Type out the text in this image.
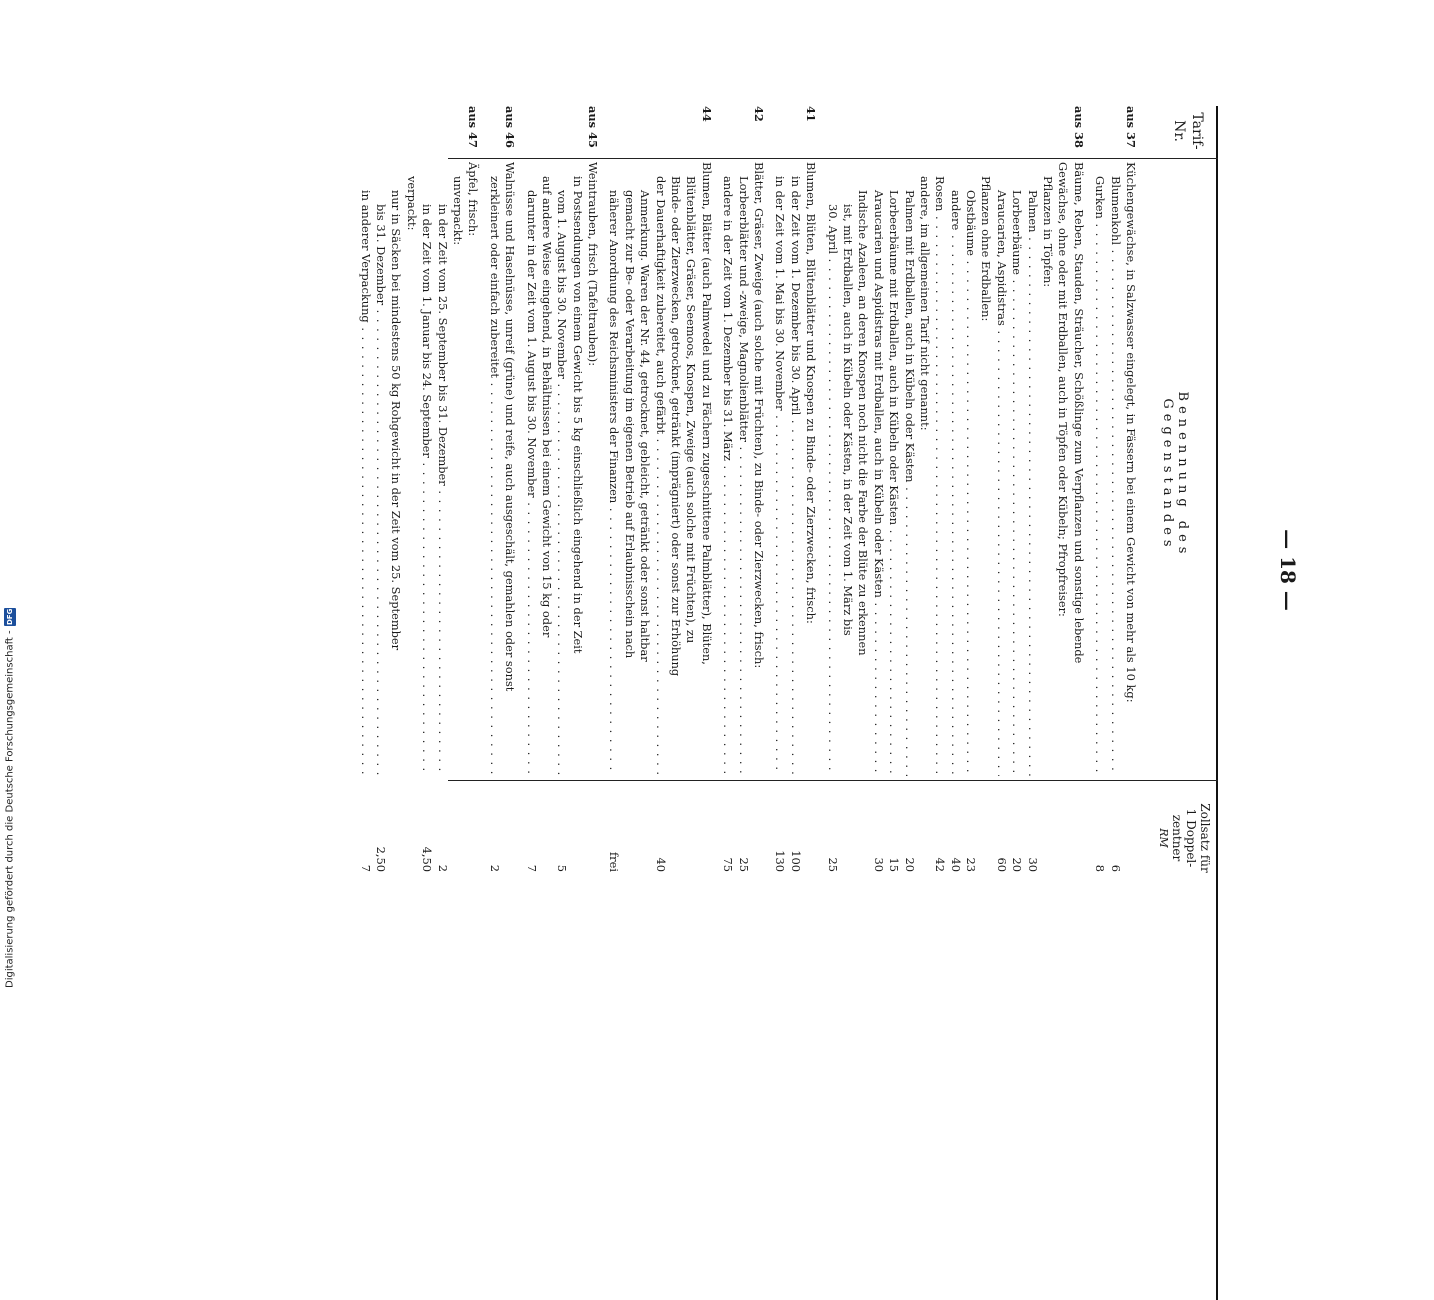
Digitalisierung gefördert durch die Deutsche Forschungsgemeinschaft -
DFG
— 18 —
Tarif-
Nr.
Benennung des Gegenstandes
Zollsatz für
1 Doppel-
zentner
RM
aus 37
Küchengewächse, in Salzwasser eingelegt, in Fässern bei einem Gewicht von mehr als 10 kg:
Blumenkohl . . .
6
Gurken . . .
8
aus 38
Bäume, Reben, Stauden, Sträucher, Schößlinge zum Verpflanzen und sonstige lebende
Gewächse, ohne oder mit Erdballen, auch in Töpfen oder Kübeln; Pfropfreiser:
Pflanzen in Töpfen:
Palmen . . .
30
Lorbeerbäume . . .
20
Araucarien, Aspidistras . . .
60
Pflanzen ohne Erdballen:
Obstbäume . . .
23
andere . . .
40
Rosen . . .
42
andere, im allgemeinen Tarif nicht genannt:
Palmen mit Erdballen, auch in Kübeln oder Kästen . . .
20
Lorbeerbäume mit Erdballen, auch in Kübeln oder Kästen . . .
15
Araucarien und Aspidistras mit Erdballen, auch in Kübeln oder Kästen . . .
30
Indische Azaleen, an deren Knospen noch nicht die Farbe der Blüte zu erkennen
ist, mit Erdballen, auch in Kübeln oder Kästen, in der Zeit vom 1. März bis
30. April . . .
25
41
Blumen, Blüten, Blütenblätter und Knospen zu Binde- oder Zierzwecken, frisch:
in der Zeit vom 1. Dezember bis 30. April . . .
100
in der Zeit vom 1. Mai bis 30. November . . .
130
42
Blätter, Gräser, Zweige (auch solche mit Früchten), zu Binde- oder Zierzwecken, frisch:
Lorbeerblätter und -zweige, Magnolienblätter . . .
25
andere in der Zeit vom 1. Dezember bis 31. März . . .
75
44
Blumen, Blätter (auch Palmwedel und zu Fächern zugeschnittene Palmblätter), Blüten,
Blütenblätter, Gräser, Seemoos, Knospen, Zweige (auch solche mit Früchten), zu
Binde- oder Zierzwecken, getrocknet, getränkt (imprägniert) oder sonst zur Erhöhung
der Dauerhaftigkeit zubereitet, auch gefärbt . . .
40
Anmerkung. Waren der Nr. 44, getrocknet, gebleicht, getränkt oder sonst haltbar
gemacht zur Be- oder Verarbeitung im eigenen Betrieb auf Erlaubnisschein nach
näherer Anordnung des Reichsministers der Finanzen . . .
frei
aus 45
Weintrauben, frisch (Tafeltrauben):
in Postsendungen von einem Gewicht bis 5 kg einschließlich eingehend in der Zeit
vom 1. August bis 30. November . . .
5
auf andere Weise eingehend, in Behältnissen bei einem Gewicht von 15 kg oder
darunter in der Zeit vom 1. August bis 30. November . . .
7
aus 46
Walnüsse und Haselnüsse, unreif (grüne) und reife, auch ausgeschält, gemahlen oder sonst
zerkleinert oder einfach zubereitet . . .
2
aus 47
Äpfel, frisch:
unverpackt:
in der Zeit vom 25. September bis 31. Dezember . . .
2
in der Zeit vom 1. Januar bis 24. September . . .
4,50
verpackt:
nur in Säcken bei mindestens 50 kg Rohgewicht in der Zeit vom 25. September
bis 31. Dezember . . .
2,50
in anderer Verpackung . . .
7
